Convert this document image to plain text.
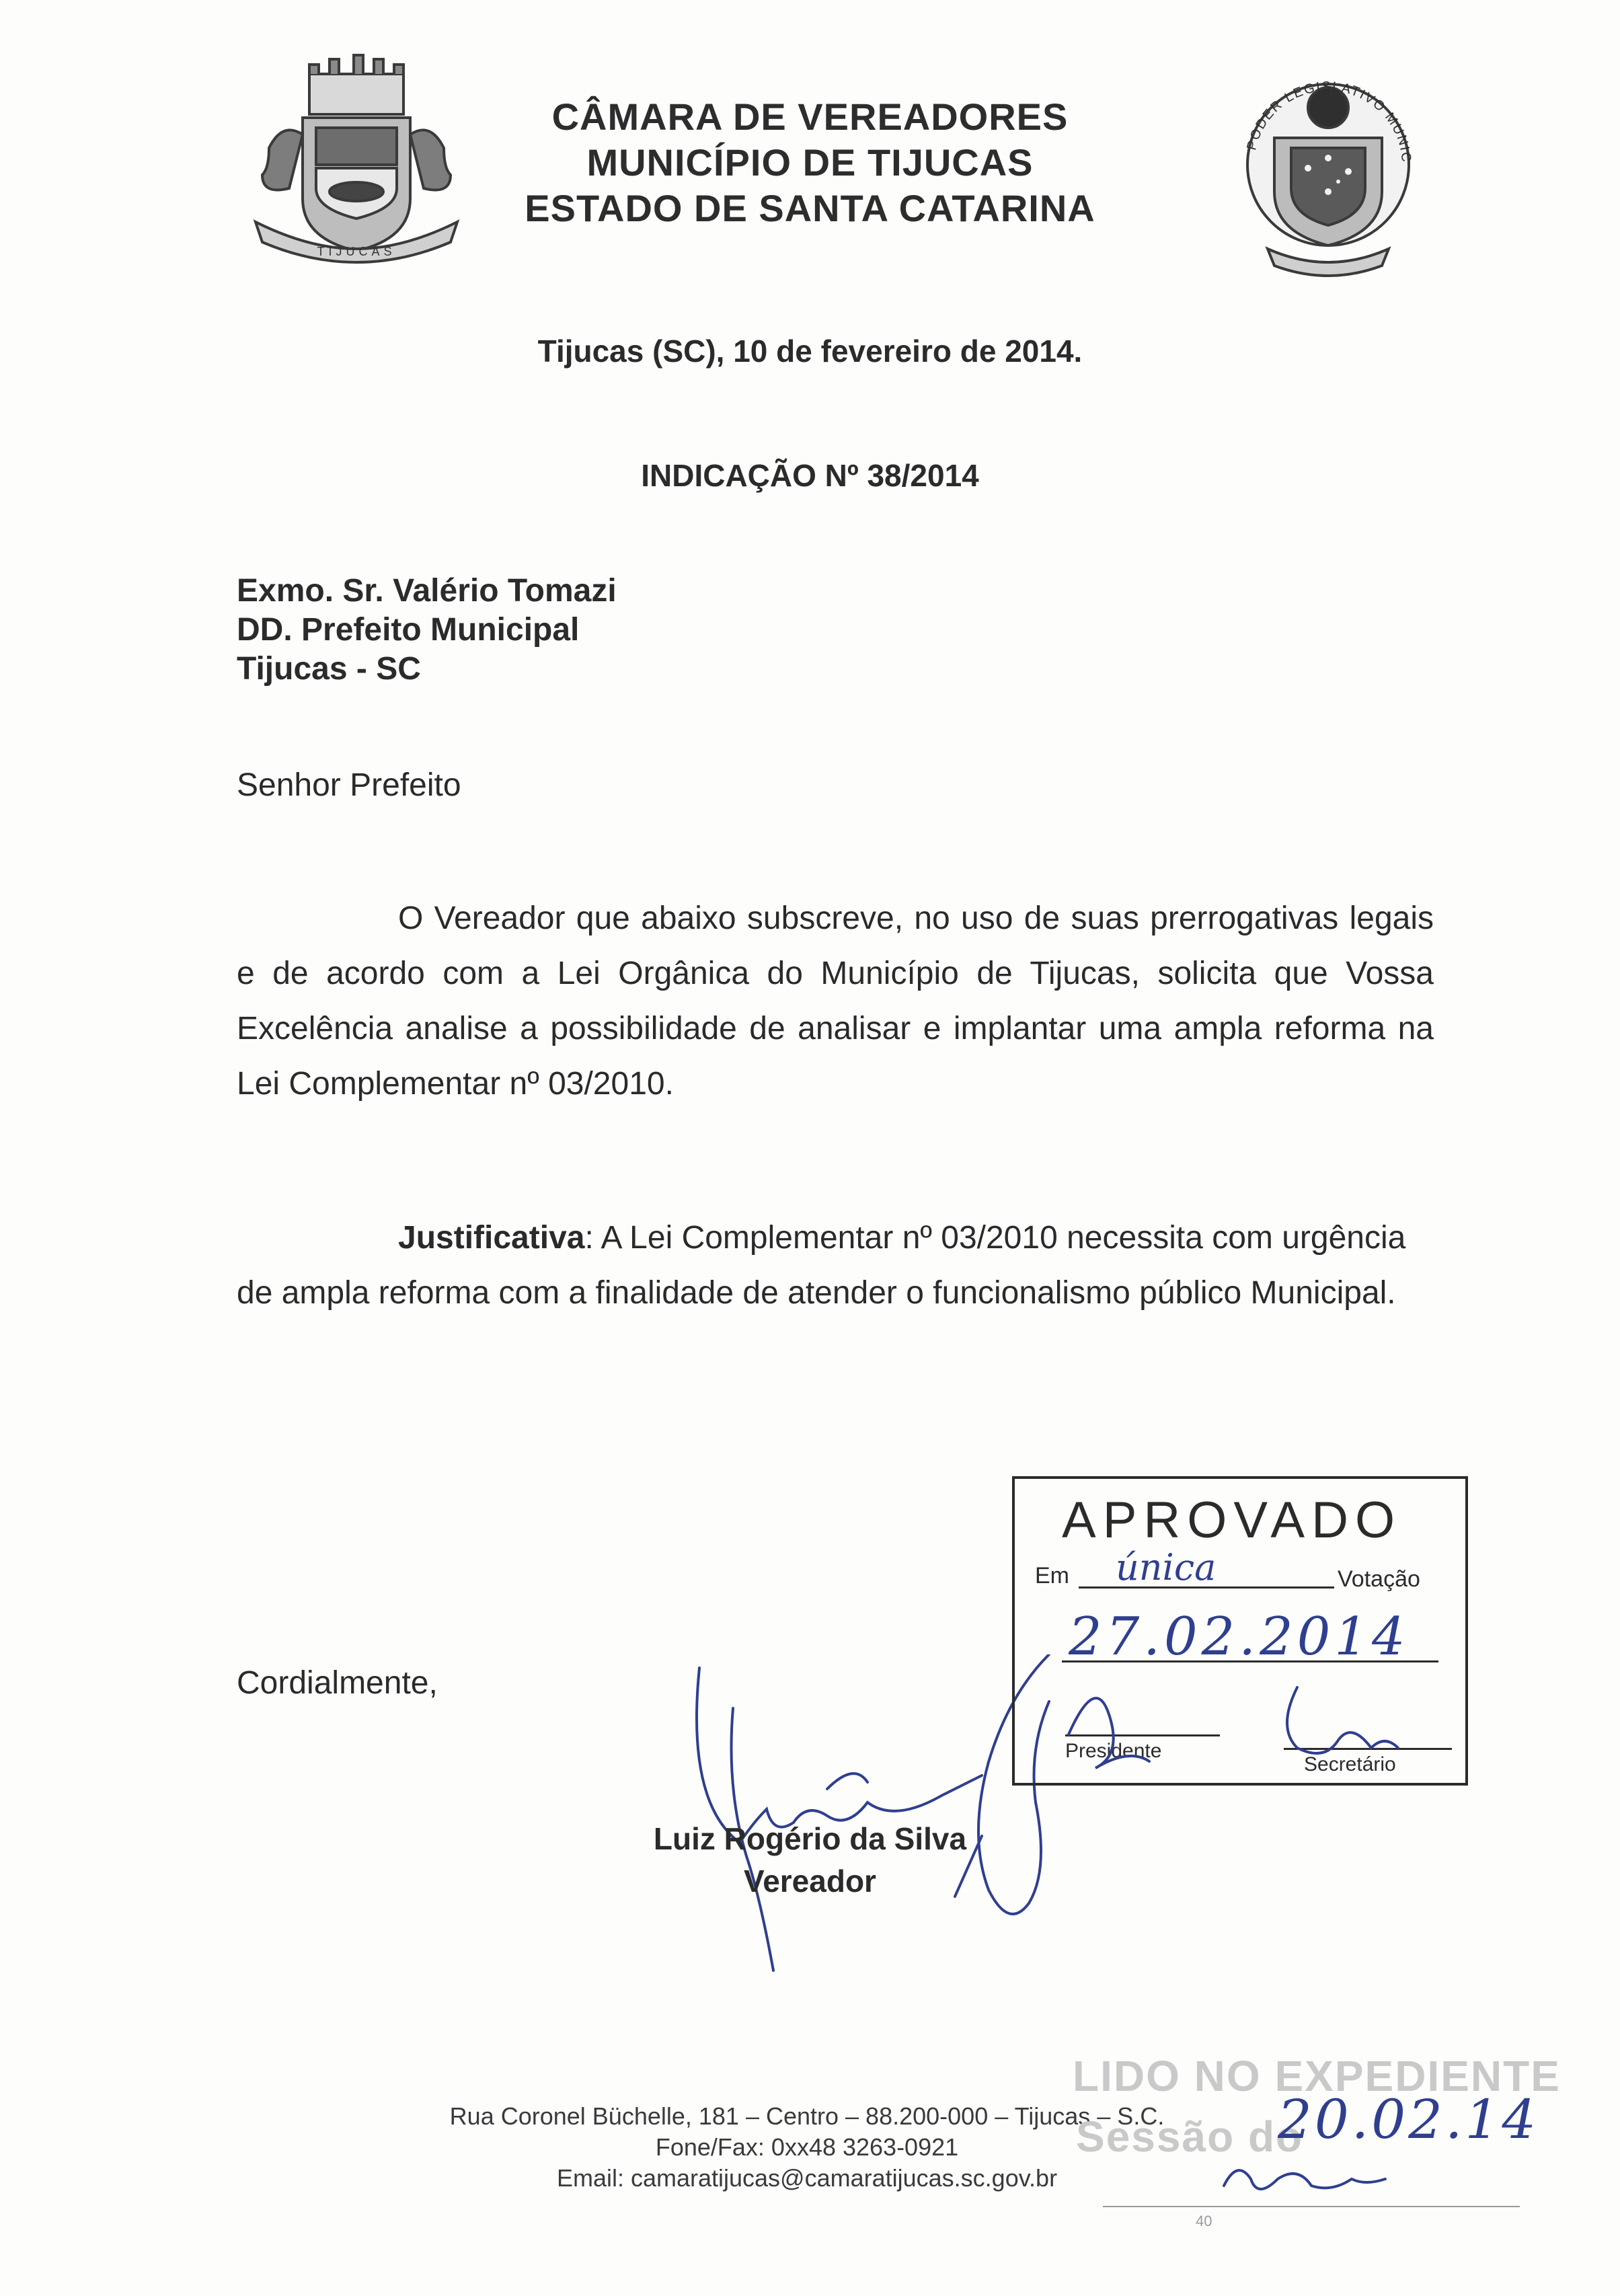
TIJUCAS
CÂMARA DE VEREADORES
MUNICÍPIO DE TIJUCAS
ESTADO DE SANTA CATARINA
PODER LEGISLATIVO MUNIC
Tijucas (SC), 10 de fevereiro de 2014.
INDICAÇÃO Nº 38/2014
Exmo. Sr. Valério Tomazi
DD. Prefeito Municipal
Tijucas - SC
Senhor Prefeito
O Vereador que abaixo subscreve, no uso de suas prerrogativas legais e de acordo com a Lei Orgânica do Município de Tijucas, solicita que Vossa Excelência analise a possibilidade de analisar e implantar uma ampla reforma na Lei Complementar nº 03/2010.
Justificativa: A Lei Complementar nº 03/2010 necessita com urgência de ampla reforma com a finalidade de atender o funcionalismo público Municipal.
Cordialmente,
Luiz Rogério da Silva
Vereador
APROVADO
Em única	Votação
27.02.2014
Presidente
Secretário
Rua Coronel Büchelle, 181 – Centro – 88.200-000 – Tijucas – S.C.
Fone/Fax: 0xx48 3263-0921
Email: camaratijucas@camaratijucas.sc.gov.br
LIDO NO EXPEDIENTE
Sessão do
20.02.14
40
